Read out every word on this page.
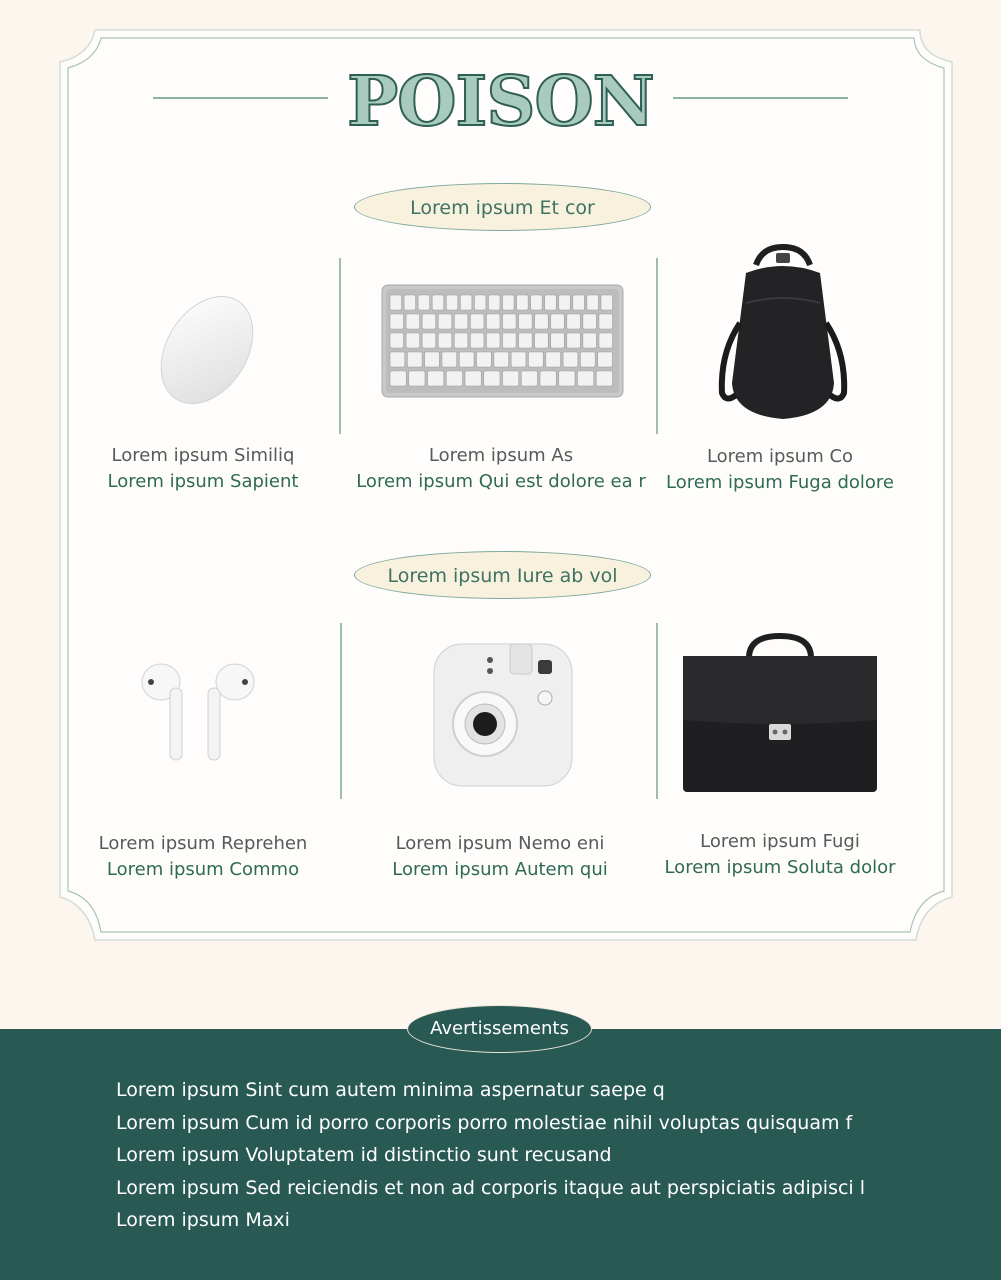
POISON
Lorem ipsum Et cor
Lorem ipsum Similiq
Lorem ipsum Sapient
Lorem ipsum As
Lorem ipsum Qui est dolore ea r
Lorem ipsum Co
Lorem ipsum Fuga dolore
Lorem ipsum Iure ab vol
Lorem ipsum Reprehen
Lorem ipsum Commo
Lorem ipsum Nemo eni
Lorem ipsum Autem qui
Lorem ipsum Fugi
Lorem ipsum Soluta dolor
Avertissements
Lorem ipsum Sint cum autem minima aspernatur saepe q
Lorem ipsum Cum id porro corporis porro molestiae nihil voluptas quisquam f
Lorem ipsum Voluptatem id distinctio sunt recusand
Lorem ipsum Sed reiciendis et non ad corporis itaque aut perspiciatis adipisci l
Lorem ipsum Maxi
